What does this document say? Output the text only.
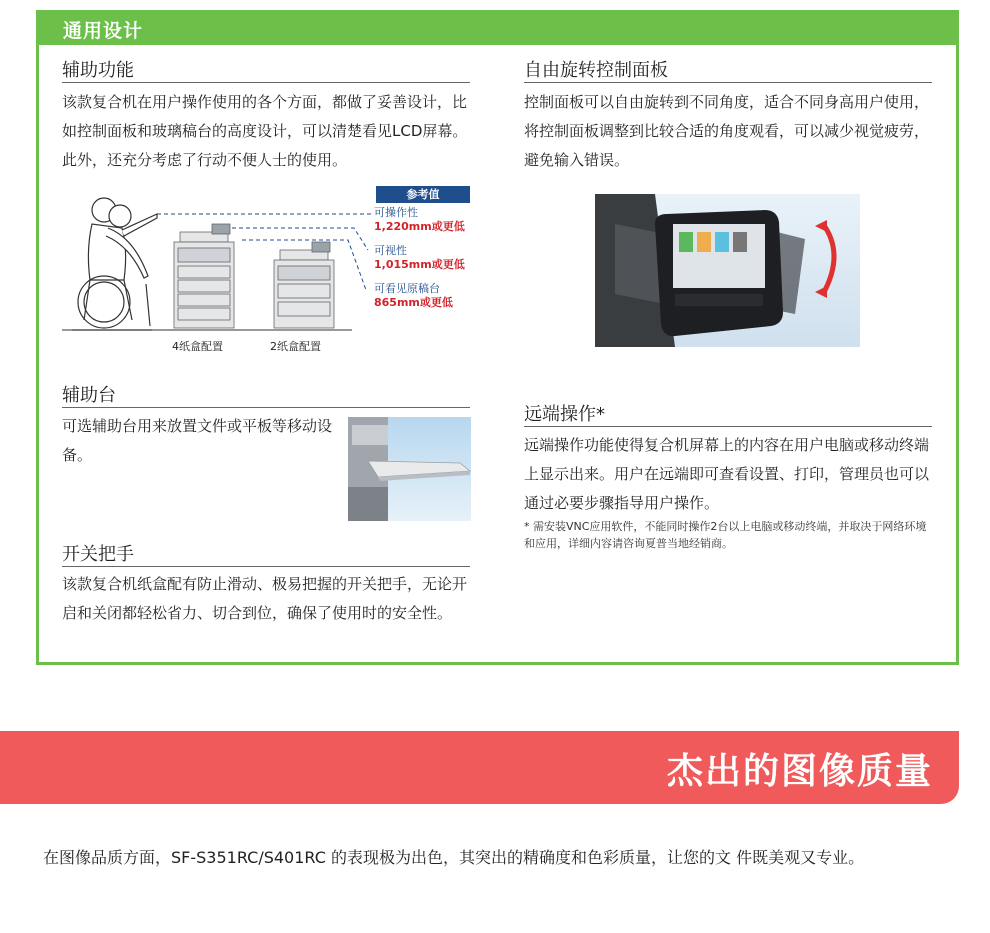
通用设计
辅助功能
该款复合机在用户操作使用的各个方面，都做了妥善设计，比如控制面板和玻璃稿台的高度设计，可以清楚看见LCD屏幕。此外，还充分考虑了行动不便人士的使用。
自由旋转控制面板
控制面板可以自由旋转到不同角度，适合不同身高用户使用，将控制面板调整到比较合适的角度观看，可以减少视觉疲劳，避免输入错误。
参考值
可操作性
1,220mm或更低
可视性
1,015mm或更低
可看见原稿台
865mm或更低
4纸盒配置	2纸盒配置
辅助台
可选辅助台用来放置文件或平板等移动设备。
远端操作*
远端操作功能使得复合机屏幕上的内容在用户电脑或移动终端上显示出来。用户在远端即可查看设置、打印，管理员也可以通过必要步骤指导用户操作。
* 需安装VNC应用软件，不能同时操作2台以上电脑或移动终端，并取决于网络环境和应用，详细内容请咨询夏普当地经销商。
开关把手
该款复合机纸盒配有防止滑动、极易把握的开关把手，无论开启和关闭都轻松省力、切合到位，确保了使用时的安全性。
杰出的图像质量
在图像品质方面，SF-S351RC/S401RC 的表现极为出色，其突出的精确度和色彩质量，让您的文 件既美观又专业。
